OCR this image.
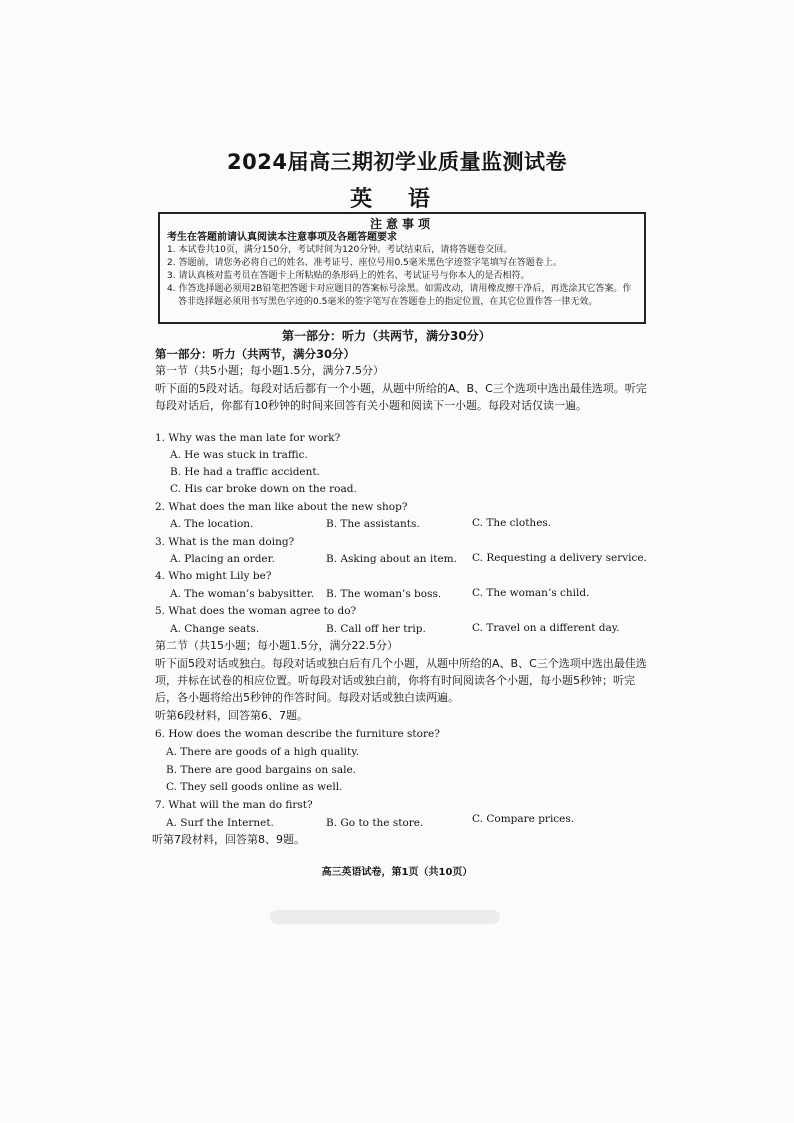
2024届高三期初学业质量监测试卷
英 语
注意事项
考生在答题前请认真阅读本注意事项及各题答题要求
1. 本试卷共10页，满分150分，考试时间为120分钟。考试结束后，请将答题卷交回。
2. 答题前，请您务必将自己的姓名、准考证号、座位号用0.5毫米黑色字迹签字笔填写在答题卷上。
3. 请认真核对监考员在答题卡上所粘贴的条形码上的姓名、考试证号与你本人的是否相符。
4. 作答选择题必须用2B铅笔把答题卡对应题目的答案标号涂黑。如需改动，请用橡皮擦干净后，再选涂其它答案。作答非选择题必须用书写黑色字迹的0.5毫米的签字笔写在答题卷上的指定位置，在其它位置作答一律无效。
第一部分：听力（共两节，满分30分）
第一部分：听力（共两节，满分30分）
第一节（共5小题；每小题1.5分，满分7.5分）
听下面的5段对话。每段对话后都有一个小题，从题中所给的A、B、C三个选项中选出最佳选项。听完每段对话后，你都有10秒钟的时间来回答有关小题和阅读下一小题。每段对话仅读一遍。
1. Why was the man late for work?
A. He was stuck in traffic.
B. He had a traffic accident.
C. His car broke down on the road.
2. What does the man like about the new shop?
A. The location.	B. The assistants.	C. The clothes.
3. What is the man doing?
A. Placing an order.	B. Asking about an item. C. Requesting a delivery service.
4. Who might Lily be?
A. The woman’s babysitter. B. The woman’s boss.	C. The woman’s child.
5. What does the woman agree to do?
A. Change seats.	B. Call off her trip.	C. Travel on a different day.
第二节（共15小题；每小题1.5分，满分22.5分）
听下面5段对话或独白。每段对话或独白后有几个小题，从题中所给的A、B、C三个选项中选出最佳选项，并标在试卷的相应位置。听每段对话或独白前，你将有时间阅读各个小题，每小题5秒钟；听完后，各小题将给出5秒钟的作答时间。每段对话或独白读两遍。
听第6段材料，回答第6、7题。
6. How does the woman describe the furniture store?
A. There are goods of a high quality.
B. There are good bargains on sale.
C. They sell goods online as well.
7. What will the man do first?
A. Surf the Internet.	B. Go to the store.	C. Compare prices.
听第7段材料，回答第8、9题。
高三英语试卷，第1页（共10页）
